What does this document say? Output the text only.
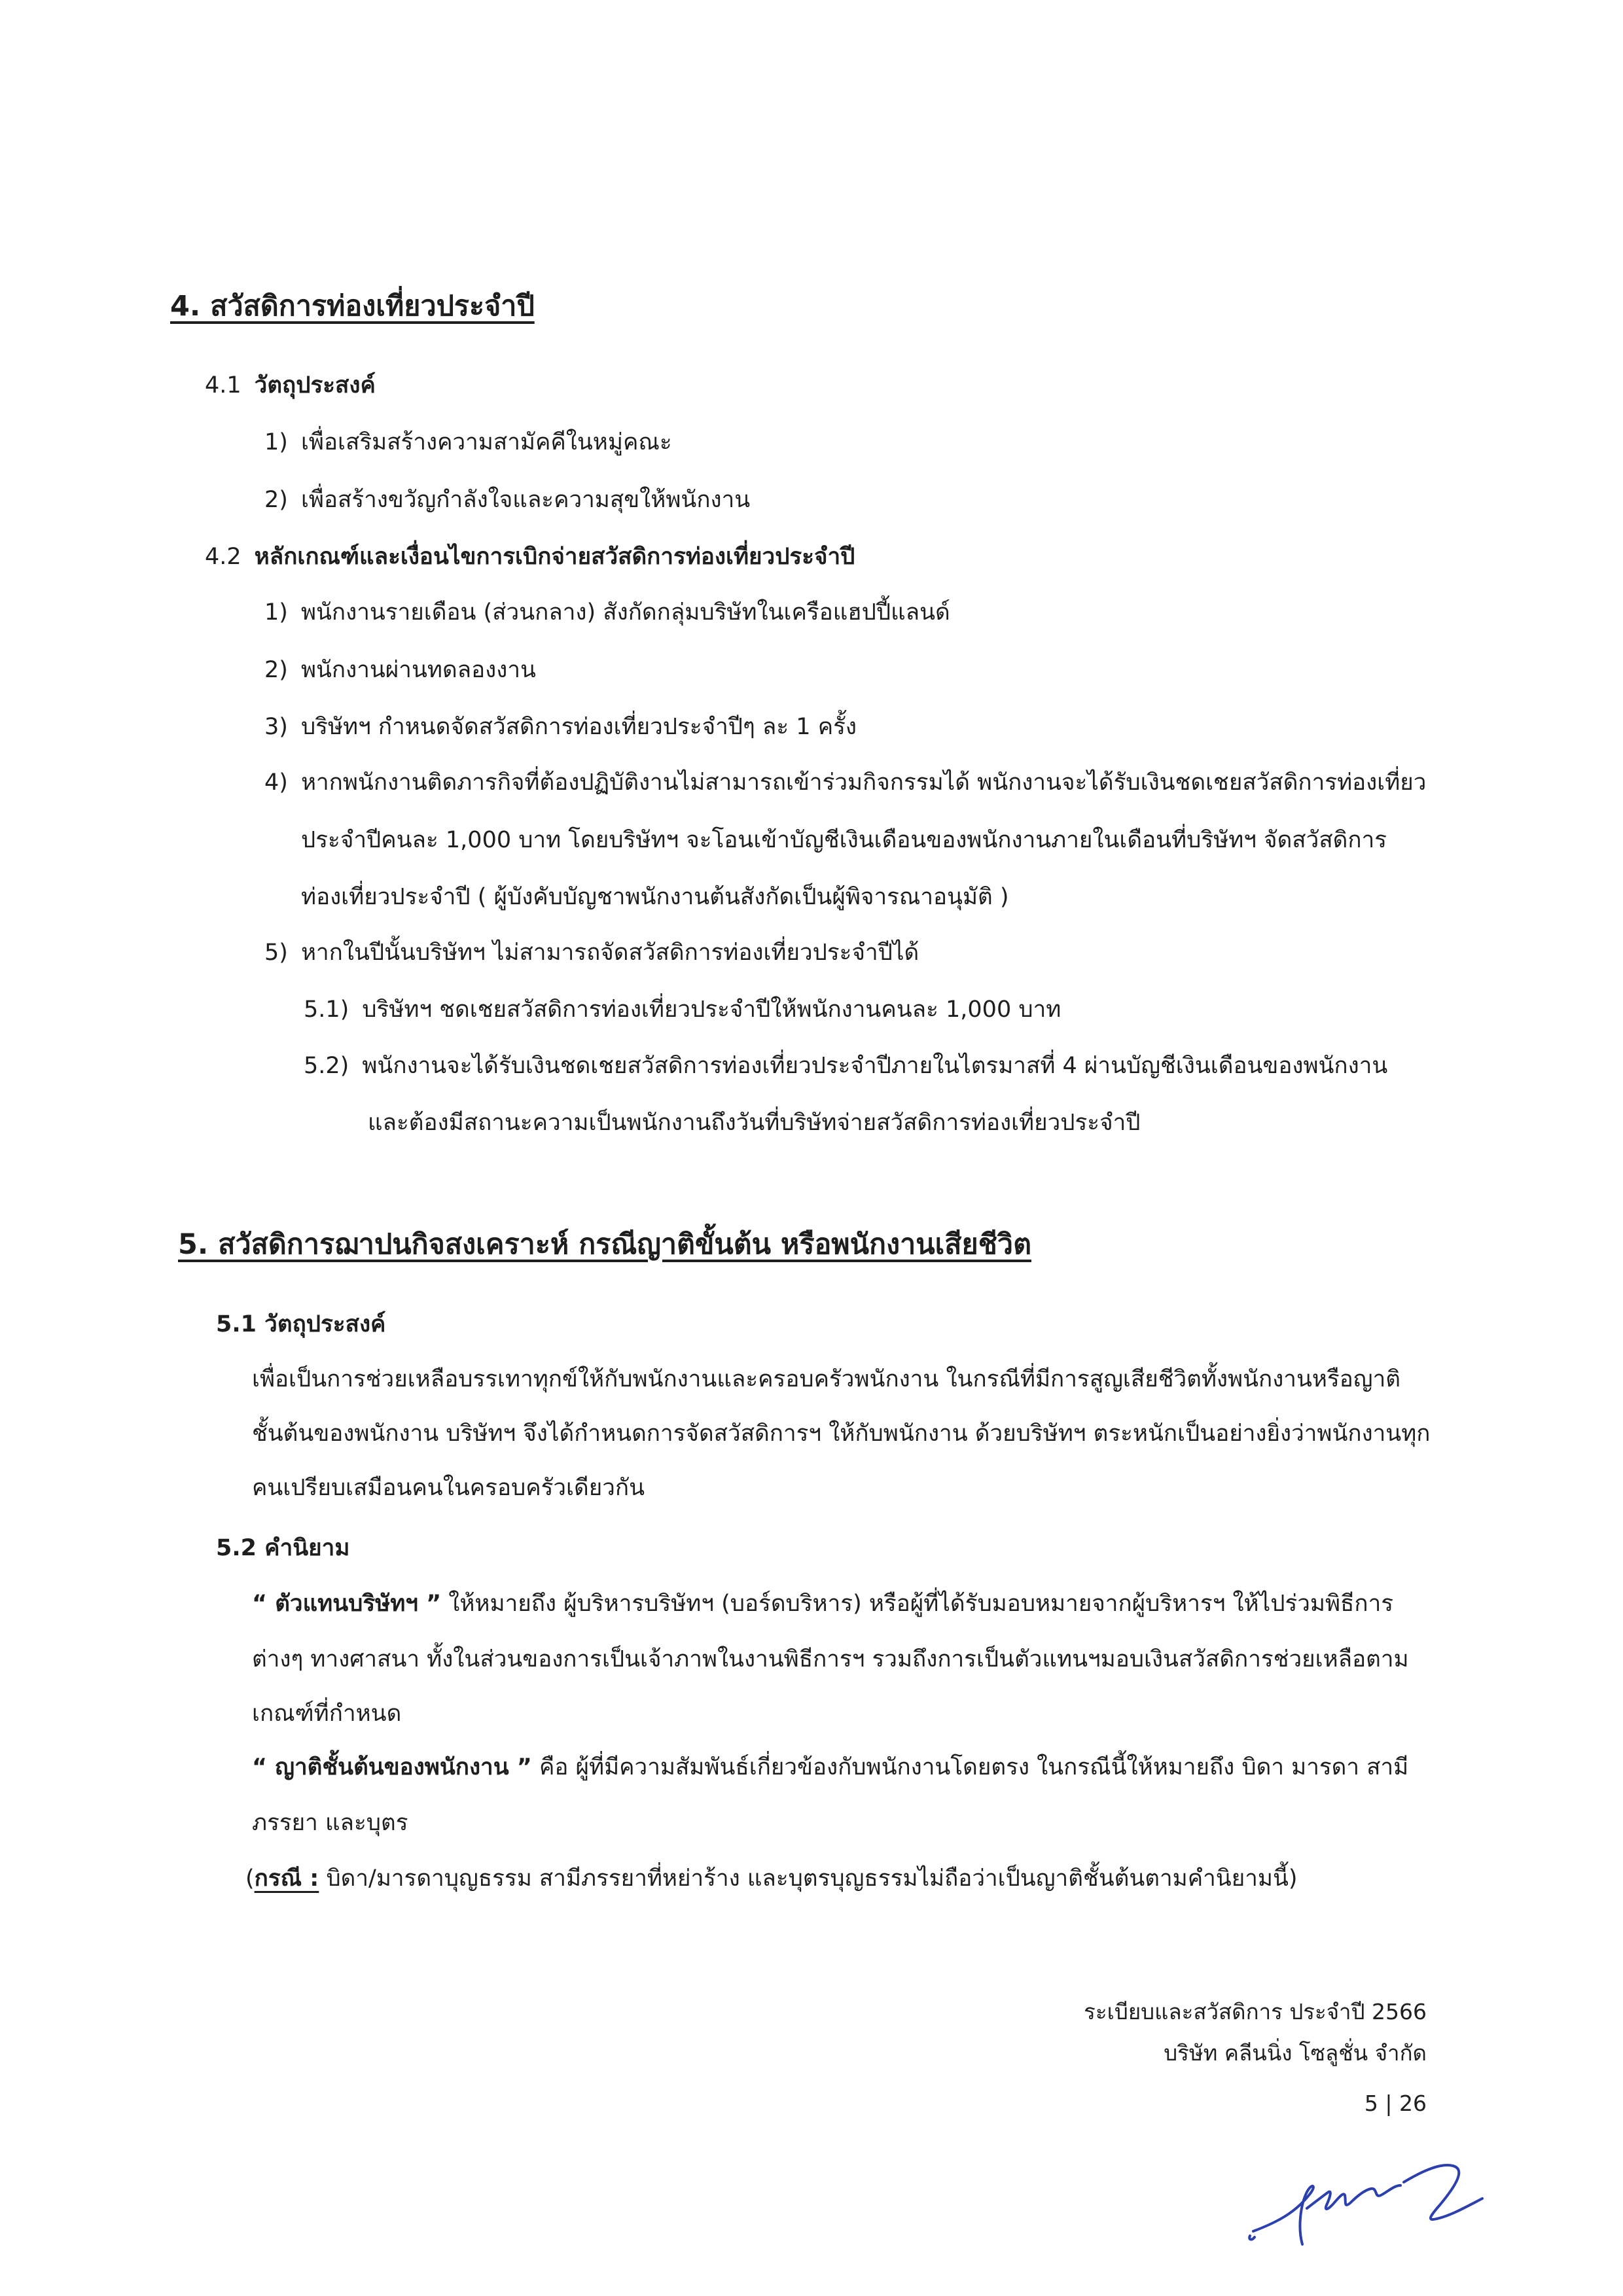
4. สวัสดิการท่องเที่ยวประจำปี
4.1 วัตถุประสงค์
1) เพื่อเสริมสร้างความสามัคคีในหมู่คณะ
2) เพื่อสร้างขวัญกำลังใจและความสุขให้พนักงาน
4.2 หลักเกณฑ์และเงื่อนไขการเบิกจ่ายสวัสดิการท่องเที่ยวประจำปี
1) พนักงานรายเดือน (ส่วนกลาง) สังกัดกลุ่มบริษัทในเครือแฮปปี้แลนด์
2) พนักงานผ่านทดลองงาน
3) บริษัทฯ กำหนดจัดสวัสดิการท่องเที่ยวประจำปีๆ ละ 1 ครั้ง
4) หากพนักงานติดภารกิจที่ต้องปฏิบัติงานไม่สามารถเข้าร่วมกิจกรรมได้ พนักงานจะได้รับเงินชดเชยสวัสดิการท่องเที่ยว
ประจำปีคนละ 1,000 บาท โดยบริษัทฯ จะโอนเข้าบัญชีเงินเดือนของพนักงานภายในเดือนที่บริษัทฯ จัดสวัสดิการ
ท่องเที่ยวประจำปี ( ผู้บังคับบัญชาพนักงานต้นสังกัดเป็นผู้พิจารณาอนุมัติ )
5) หากในปีนั้นบริษัทฯ ไม่สามารถจัดสวัสดิการท่องเที่ยวประจำปีได้
5.1) บริษัทฯ ชดเชยสวัสดิการท่องเที่ยวประจำปีให้พนักงานคนละ 1,000 บาท
5.2) พนักงานจะได้รับเงินชดเชยสวัสดิการท่องเที่ยวประจำปีภายในไตรมาสที่ 4 ผ่านบัญชีเงินเดือนของพนักงาน
และต้องมีสถานะความเป็นพนักงานถึงวันที่บริษัทจ่ายสวัสดิการท่องเที่ยวประจำปี
5. สวัสดิการฌาปนกิจสงเคราะห์ กรณีญาติขั้นต้น หรือพนักงานเสียชีวิต
5.1 วัตถุประสงค์
เพื่อเป็นการช่วยเหลือบรรเทาทุกข์ให้กับพนักงานและครอบครัวพนักงาน ในกรณีที่มีการสูญเสียชีวิตทั้งพนักงานหรือญาติ
ชั้นต้นของพนักงาน บริษัทฯ จึงได้กำหนดการจัดสวัสดิการฯ ให้กับพนักงาน ด้วยบริษัทฯ ตระหนักเป็นอย่างยิ่งว่าพนักงานทุก
คนเปรียบเสมือนคนในครอบครัวเดียวกัน
5.2 คำนิยาม
“ ตัวแทนบริษัทฯ ” ให้หมายถึง ผู้บริหารบริษัทฯ (บอร์ดบริหาร) หรือผู้ที่ได้รับมอบหมายจากผู้บริหารฯ ให้ไปร่วมพิธีการ
ต่างๆ ทางศาสนา ทั้งในส่วนของการเป็นเจ้าภาพในงานพิธีการฯ รวมถึงการเป็นตัวแทนฯมอบเงินสวัสดิการช่วยเหลือตาม
เกณฑ์ที่กำหนด
“ ญาติชั้นต้นของพนักงาน ” คือ ผู้ที่มีความสัมพันธ์เกี่ยวข้องกับพนักงานโดยตรง ในกรณีนี้ให้หมายถึง บิดา มารดา สามี
ภรรยา และบุตร
(กรณี : บิดา/มารดาบุญธรรม สามีภรรยาที่หย่าร้าง และบุตรบุญธรรมไม่ถือว่าเป็นญาติชั้นต้นตามคำนิยามนี้)
ระเบียบและสวัสดิการ ประจำปี 2566
บริษัท คลีนนิ่ง โซลูชั่น จำกัด
5 | 26
